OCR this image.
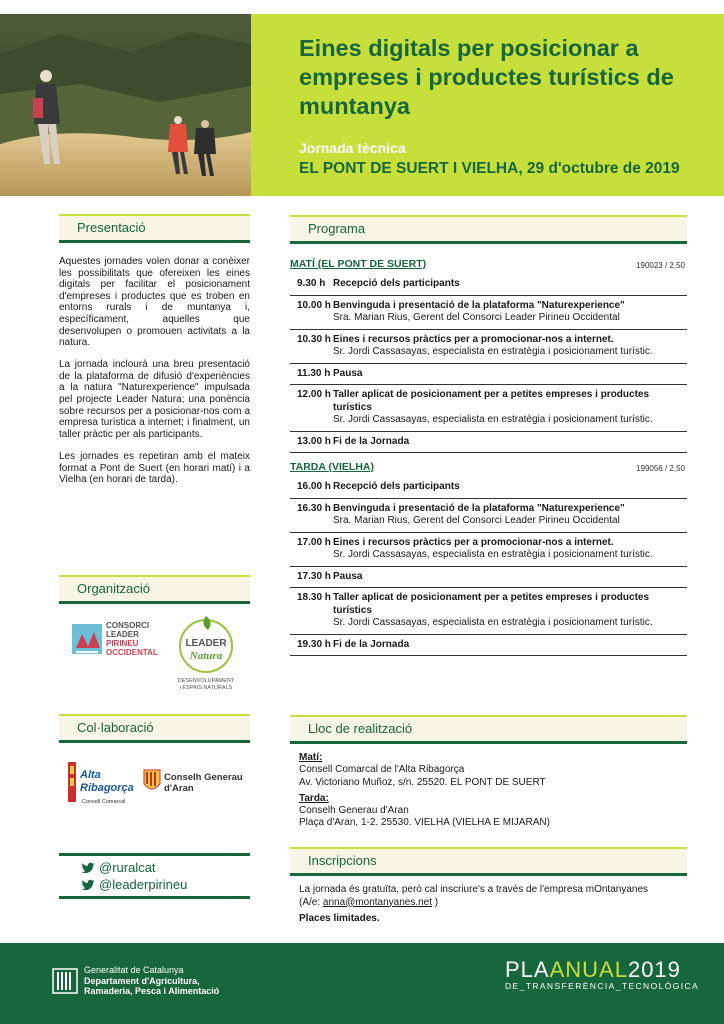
Eines digitals per posicionar a empreses i productes turístics de muntanya
Jornada tècnica
EL PONT DE SUERT I VIELHA, 29 d'octubre de 2019
Presentació

Aquestes jornades volen donar a conèixer les possibilitats que ofereixen les eines digitals per facilitar el posicionament d'empreses i productes que es troben en entorns rurals i de muntanya i, específicament, aquelles que desenvolupen o promouen activitats a la natura.

La jornada inclourà una breu presentació de la plataforma de difusió d'experiències a la natura "Naturexperience" impulsada pel projecte Leader Natura; una ponència sobre recursos per a posicionar-nos com a empresa turística a internet; i finalment, un taller pràctic per als participants.

Les jornades es repetiran amb el mateix format a Pont de Suert (en horari matí) i a Vielha (en horari de tarda).

Organització
CONSORCI
LEADER
PIRINEU
OCCIDENTAL
LEADER
Natura
DESENVOLUPAMENT
i ESPAIS NATURALS
Col·laboració
Alta
Ribagorça
Consell Comarcal
Conselh Generau
d'Aran
@ruralcat
@leaderpirineu
Programa
MATÍ (EL PONT DE SUERT)	190023 / 2,50
9.30 h Recepció dels participants
10.00 h Benvinguda i presentació de la plataforma "Naturexperience"
Sra. Marian Rius, Gerent del Consorci Leader Pirineu Occidental
10.30 h Eines i recursos pràctics per a promocionar-nos a internet.
Sr. Jordi Cassasayas, especialista en estratègia i posicionament turístic.
11.30 h Pausa
12.00 h Taller aplicat de posicionament per a petites empreses i productes turístics
Sr. Jordi Cassasayas, especialista en estratègia i posicionament turístic.
13.00 h Fi de la Jornada
TARDA (VIELHA)	199056 / 2,50
16.00 h Recepció dels participants
16.30 h Benvinguda i presentació de la plataforma "Naturexperience"
Sra. Marian Rius, Gerent del Consorci Leader Pirineu Occidental
17.00 h Eines i recursos pràctics per a promocionar-nos a internet.
Sr. Jordi Cassasayas, especialista en estratègia i posicionament turístic.
17.30 h Pausa
18.30 h Taller aplicat de posicionament per a petites empreses i productes turístics
Sr. Jordi Cassasayas, especialista en estratègia i posicionament turístic.
19.30 h Fi de la Jornada
Lloc de realització
Matí:
Consell Comarcal de l'Alta Ribagorça
Av. Victoriano Muñoz, s/n. 25520. EL PONT DE SUERT
Tarda:
Conselh Generau d'Aran
Plaça d'Aran, 1-2. 25530. VIELHA (VIELHA E MIJARAN)
Inscripcions
La jornada és gratuïta, però cal inscriure's a través de l'empresa mOntanyanes
(A/e: anna@montanyanes.net )
Places limitades.
Generalitat de Catalunya
Departament d'Agricultura,
Ramaderia, Pesca i Alimentació
PLAANUAL2019
DE_TRANSFERÈNCIA_TECNOLÒGICA
